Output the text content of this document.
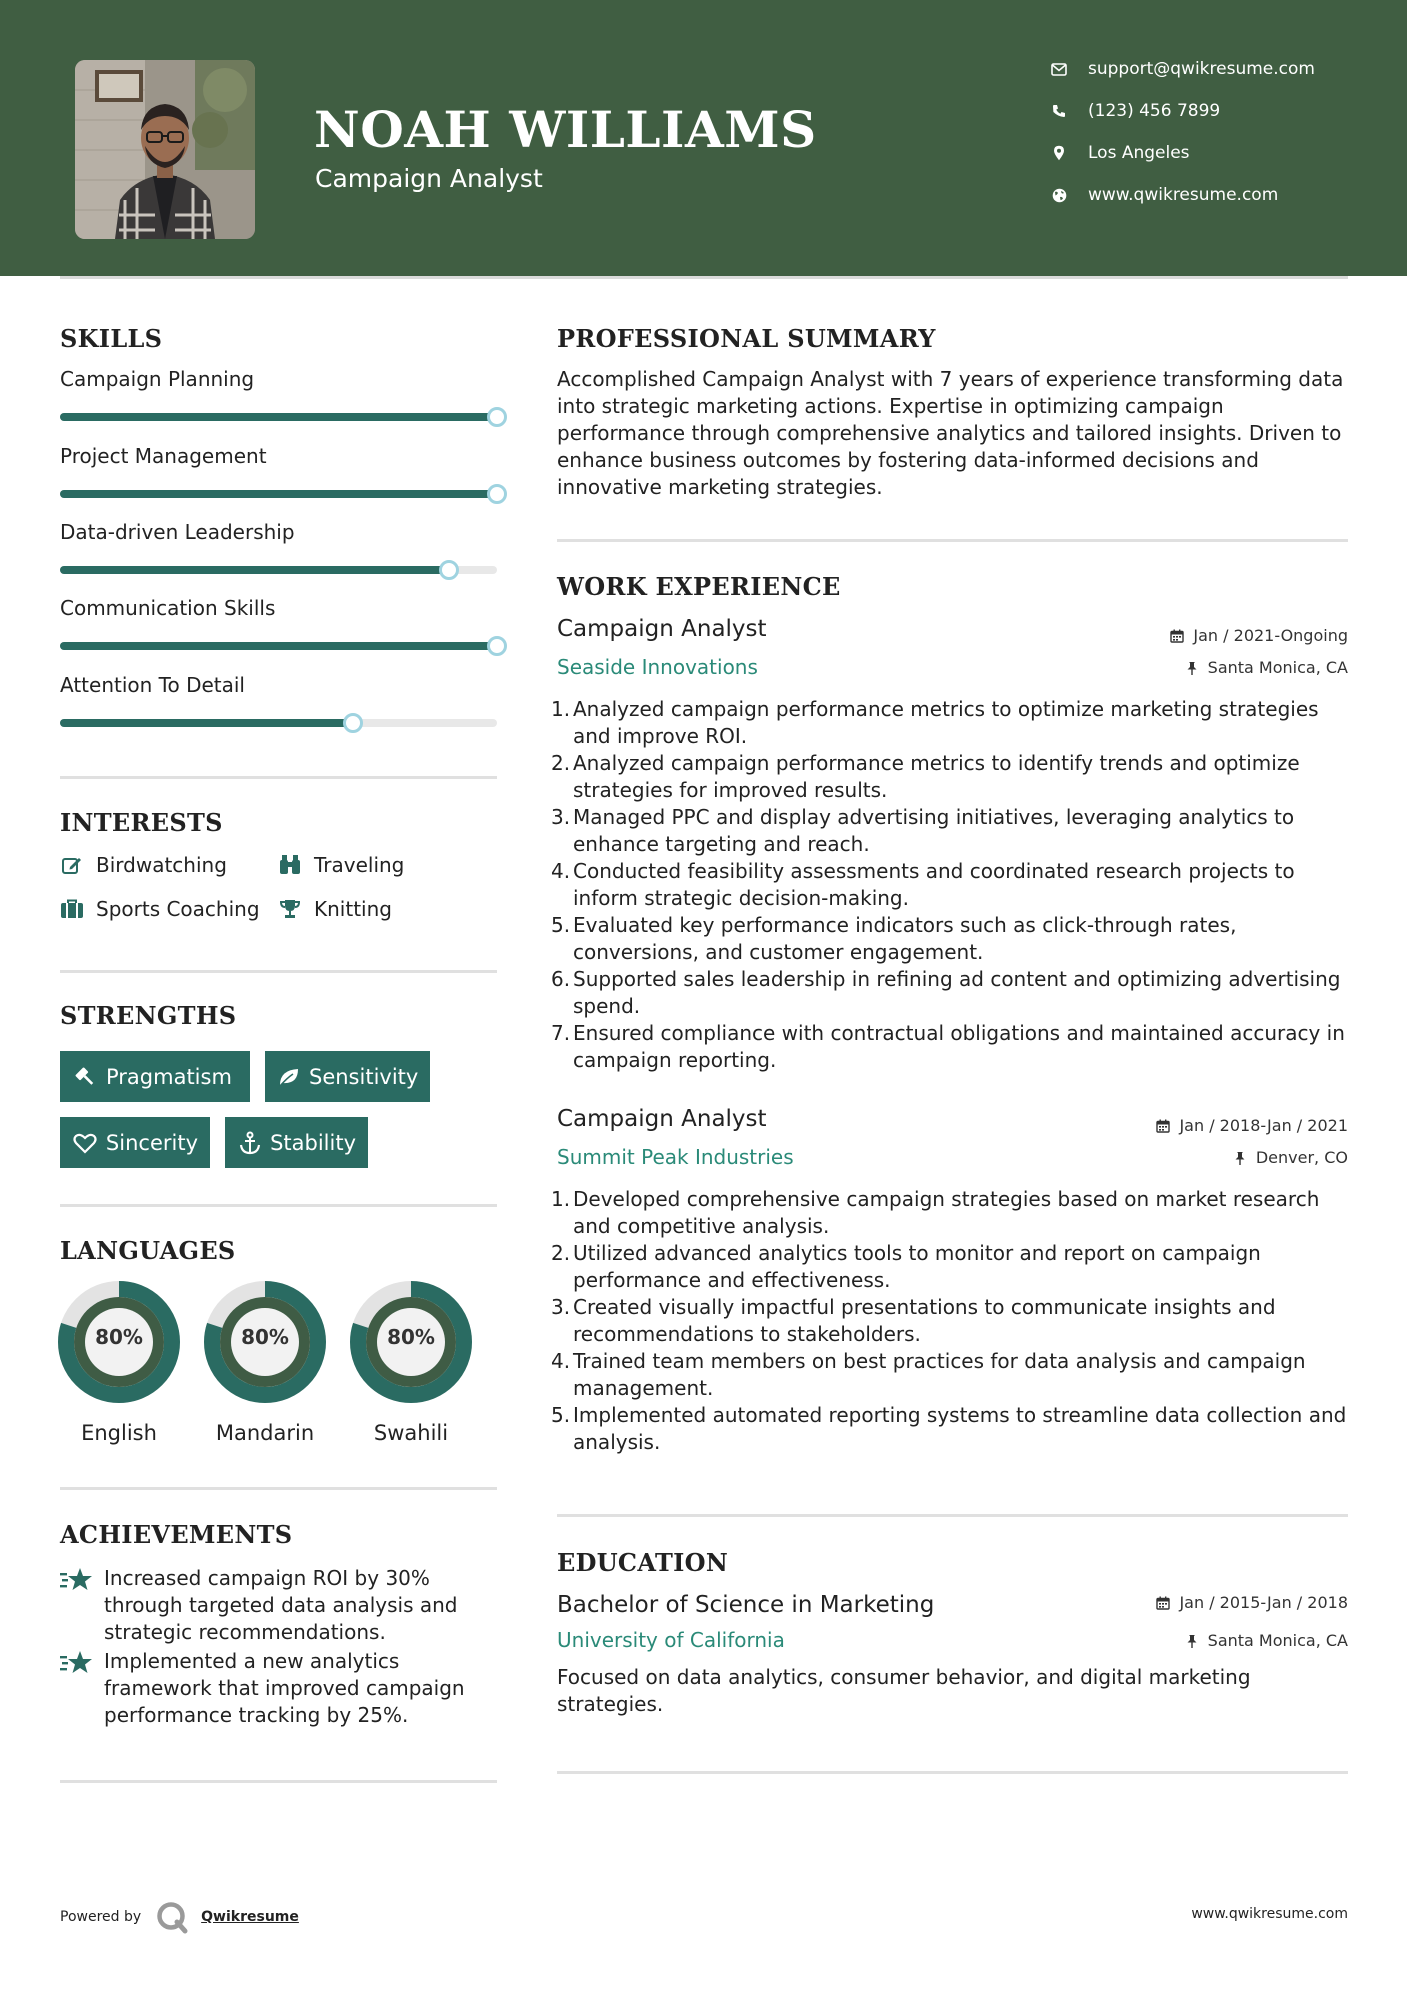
NOAH WILLIAMS
Campaign Analyst
support@qwikresume.com
(123) 456 7899
Los Angeles
www.qwikresume.com
SKILLS
Campaign Planning
Project Management
Data-driven Leadership
Communication Skills
Attention To Detail
INTERESTS
Birdwatching	Traveling
Sports Coaching	Knitting
STRENGTHS
Pragmatism	Sensitivity
Sincerity	Stability
LANGUAGES
80%
English
80%
Mandarin
80%
Swahili
ACHIEVEMENTS
Increased campaign ROI by 30% through targeted data analysis and strategic recommendations.
Implemented a new analytics framework that improved campaign performance tracking by 25%.
PROFESSIONAL SUMMARY
Accomplished Campaign Analyst with 7 years of experience transforming data into strategic marketing actions. Expertise in optimizing campaign performance through comprehensive analytics and tailored insights. Driven to enhance business outcomes by fostering data-informed decisions and innovative marketing strategies.
WORK EXPERIENCE
Campaign Analyst	Jan / 2021-Ongoing
Seaside Innovations	Santa Monica, CA
1. Analyzed campaign performance metrics to optimize marketing strategies and improve ROI.
2. Analyzed campaign performance metrics to identify trends and optimize strategies for improved results.
3. Managed PPC and display advertising initiatives, leveraging analytics to enhance targeting and reach.
4. Conducted feasibility assessments and coordinated research projects to inform strategic decision-making.
5. Evaluated key performance indicators such as click-through rates, conversions, and customer engagement.
6. Supported sales leadership in refining ad content and optimizing advertising spend.
7. Ensured compliance with contractual obligations and maintained accuracy in campaign reporting.
Campaign Analyst	Jan / 2018-Jan / 2021
Summit Peak Industries	Denver, CO
1. Developed comprehensive campaign strategies based on market research and competitive analysis.
2. Utilized advanced analytics tools to monitor and report on campaign performance and effectiveness.
3. Created visually impactful presentations to communicate insights and recommendations to stakeholders.
4. Trained team members on best practices for data analysis and campaign management.
5. Implemented automated reporting systems to streamline data collection and analysis.
EDUCATION
Bachelor of Science in Marketing	Jan / 2015-Jan / 2018
University of California	Santa Monica, CA
Focused on data analytics, consumer behavior, and digital marketing strategies.
Powered by	Qwikresume	www.qwikresume.com
